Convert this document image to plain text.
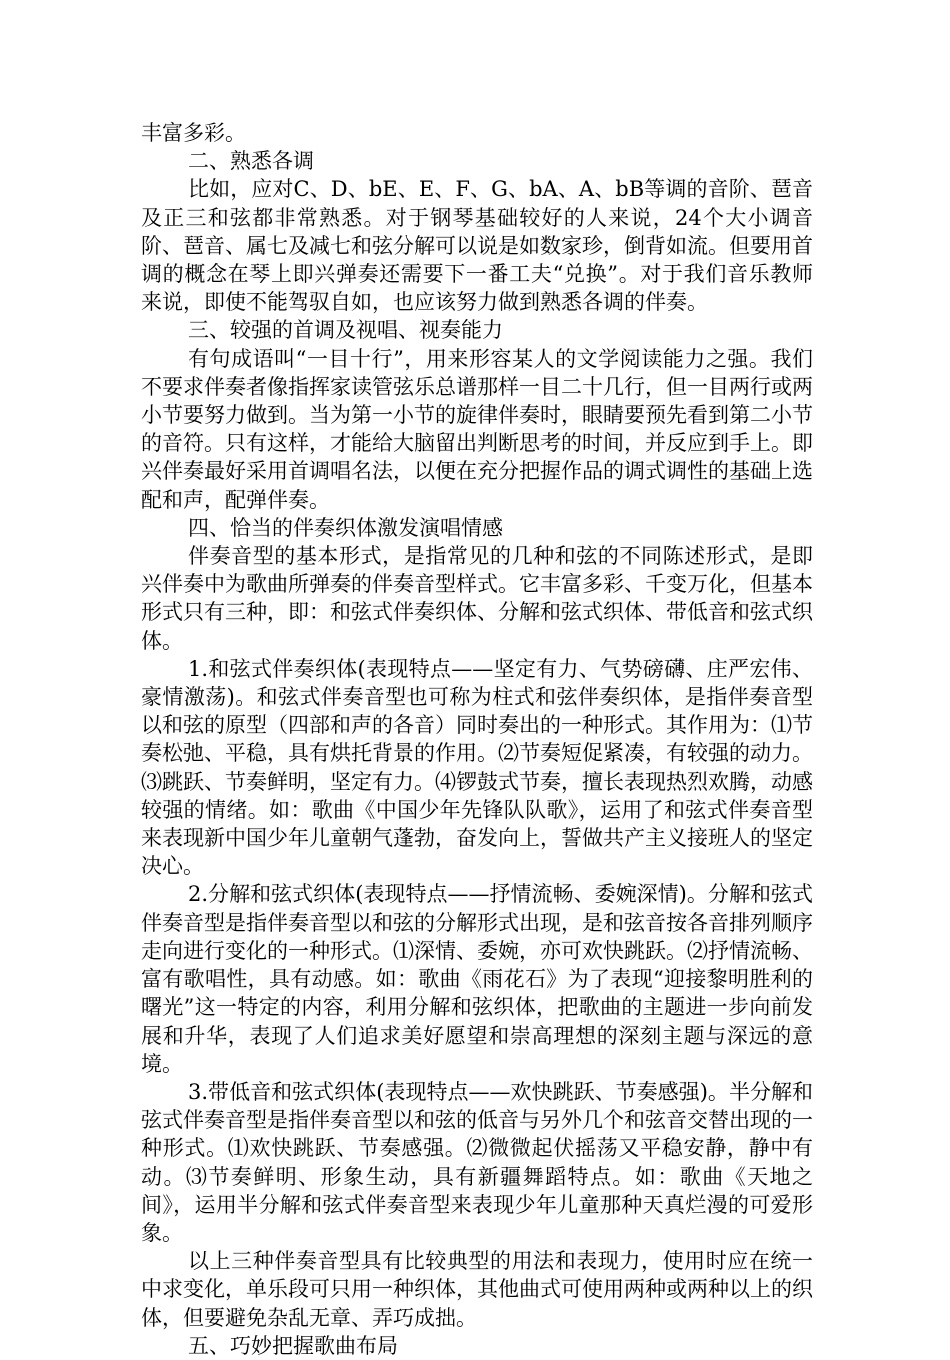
丰富多彩。

二、熟悉各调

比如，应对C、D、bE、E、F、G、bA、A、bB等调的音阶、琶音及正三和弦都非常熟悉。对于钢琴基础较好的人来说，24个大小调音阶、琶音、属七及减七和弦分解可以说是如数家珍，倒背如流。但要用首调的概念在琴上即兴弹奏还需要下一番工夫“兑换”。对于我们音乐教师来说，即使不能驾驭自如，也应该努力做到熟悉各调的伴奏。

三、较强的首调及视唱、视奏能力

有句成语叫“一目十行”，用来形容某人的文学阅读能力之强。我们不要求伴奏者像指挥家读管弦乐总谱那样一目二十几行，但一目两行或两小节要努力做到。当为第一小节的旋律伴奏时，眼睛要预先看到第二小节的音符。只有这样，才能给大脑留出判断思考的时间，并反应到手上。即兴伴奏最好采用首调唱名法，以便在充分把握作品的调式调性的基础上选配和声，配弹伴奏。

四、恰当的伴奏织体激发演唱情感

伴奏音型的基本形式，是指常见的几种和弦的不同陈述形式，是即兴伴奏中为歌曲所弹奏的伴奏音型样式。它丰富多彩、千变万化，但基本形式只有三种，即：和弦式伴奏织体、分解和弦式织体、带低音和弦式织体。

1.和弦式伴奏织体(表现特点——坚定有力、气势磅礴、庄严宏伟、豪情激荡)。和弦式伴奏音型也可称为柱式和弦伴奏织体，是指伴奏音型以和弦的原型（四部和声的各音）同时奏出的一种形式。其作用为：⑴节奏松弛、平稳，具有烘托背景的作用。⑵节奏短促紧凑，有较强的动力。⑶跳跃、节奏鲜明，坚定有力。⑷锣鼓式节奏，擅长表现热烈欢腾，动感较强的情绪。如：歌曲《中国少年先锋队队歌》，运用了和弦式伴奏音型来表现新中国少年儿童朝气蓬勃，奋发向上，誓做共产主义接班人的坚定决心。

2.分解和弦式织体(表现特点——抒情流畅、委婉深情)。分解和弦式伴奏音型是指伴奏音型以和弦的分解形式出现，是和弦音按各音排列顺序走向进行变化的一种形式。⑴深情、委婉，亦可欢快跳跃。⑵抒情流畅、富有歌唱性，具有动感。如：歌曲《雨花石》为了表现“迎接黎明胜利的曙光”这一特定的内容，利用分解和弦织体，把歌曲的主题进一步向前发展和升华，表现了人们追求美好愿望和崇高理想的深刻主题与深远的意境。

3.带低音和弦式织体(表现特点——欢快跳跃、节奏感强)。半分解和弦式伴奏音型是指伴奏音型以和弦的低音与另外几个和弦音交替出现的一种形式。⑴欢快跳跃、节奏感强。⑵微微起伏摇荡又平稳安静，静中有动。⑶节奏鲜明、形象生动，具有新疆舞蹈特点。如：歌曲《天地之间》，运用半分解和弦式伴奏音型来表现少年儿童那种天真烂漫的可爱形象。

以上三种伴奏音型具有比较典型的用法和表现力，使用时应在统一中求变化，单乐段可只用一种织体，其他曲式可使用两种或两种以上的织体，但要避免杂乱无章、弄巧成拙。

五、巧妙把握歌曲布局
